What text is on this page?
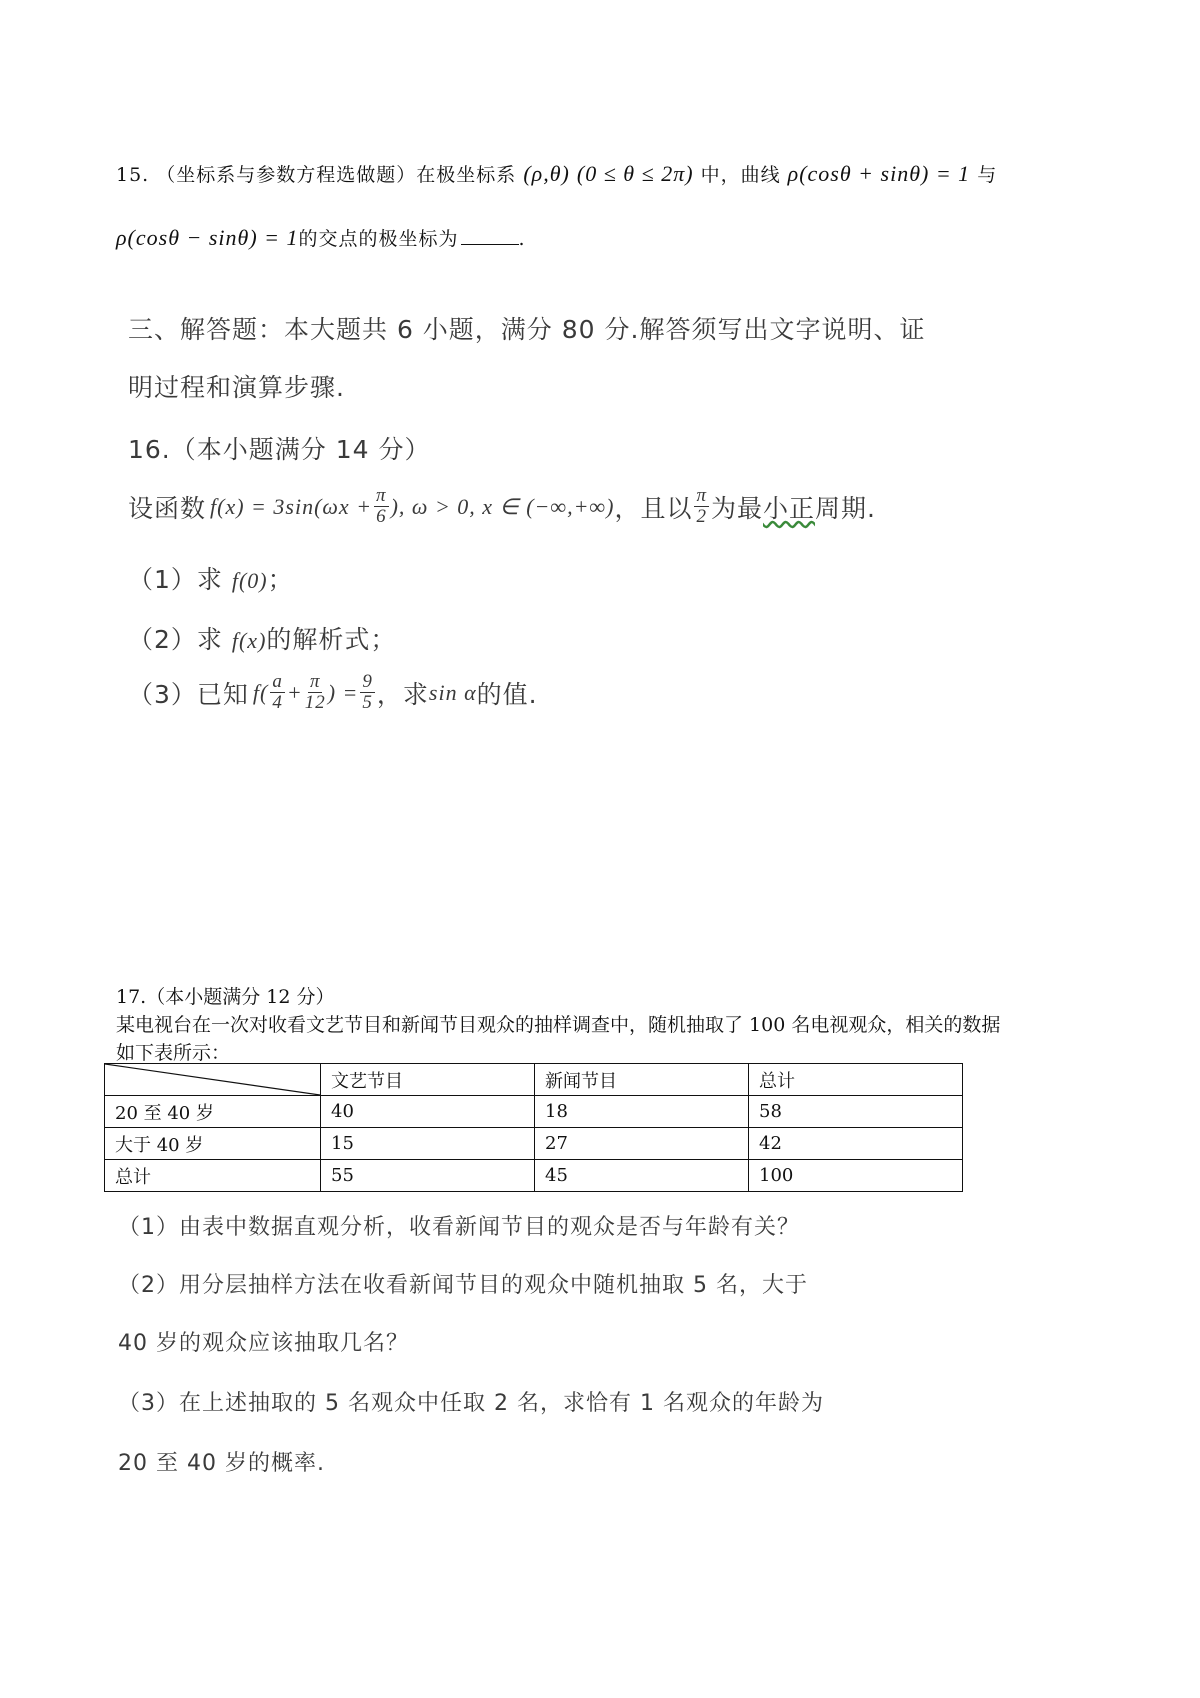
15. （坐标系与参数方程选做题）在极坐标系 (ρ,θ) (0 ≤ θ ≤ 2π) 中，曲线 ρ(cosθ + sinθ) = 1 与
ρ(cosθ − sinθ) = 1的交点的极坐标为	.
三、解答题：本大题共 6 小题，满分 80 分.解答须写出文字说明、证
明过程和演算步骤.
16.（本小题满分 14 分）
设函数 $f(x) = 3\sin(\omega x + \frac{\pi}{6}$ ), ω > 0, x ∈ (−∞,+∞) ，且以 $\frac{\pi}{2}$ 为最 小正 周期.
（1）求 f(0)；
（2）求 f(x)的解析式；
（3）已知 $f( \frac{a}{4} + \frac{\pi}{12}$ ) = $\frac{9}{5}$ ，求 sin α 的值.
17.（本小题满分 12 分）
某电视台在一次对收看文艺节目和新闻节目观众的抽样调查中，随机抽取了 100 名电视观众，相关的数据
如下表所示：
	文艺节目	新闻节目	总计
20 至 40 岁	40	18	58
大于 40 岁	15	27	42
总计	55	45	100
（1）由表中数据直观分析，收看新闻节目的观众是否与年龄有关？
（2）用分层抽样方法在收看新闻节目的观众中随机抽取 5 名，大于
40 岁的观众应该抽取几名？
（3）在上述抽取的 5 名观众中任取 2 名，求恰有 1 名观众的年龄为
20 至 40 岁的概率.
